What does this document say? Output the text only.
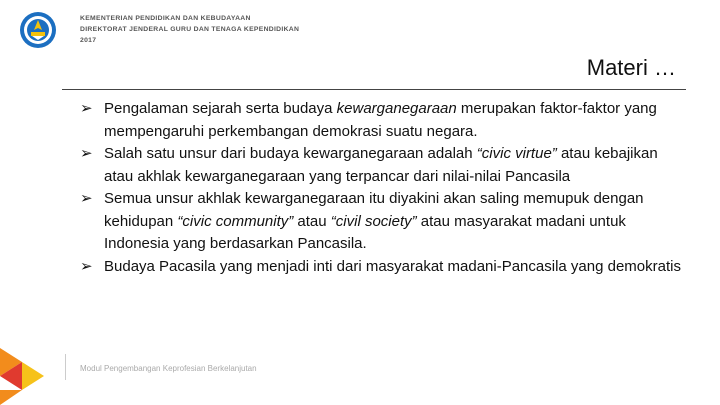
KEMENTERIAN PENDIDIKAN DAN KEBUDAYAAN
DIREKTORAT JENDERAL GURU DAN TENAGA KEPENDIDIKAN
2017
Materi …
➢ Pengalaman sejarah serta budaya kewarganegaraan merupakan faktor-faktor yang mempengaruhi perkembangan demokrasi suatu negara.
➢ Salah satu unsur dari budaya kewarganegaraan adalah “civic virtue” atau kebajikan atau akhlak kewarganegaraan yang terpancar dari nilai-nilai Pancasila
➢ Semua unsur akhlak kewarganegaraan itu diyakini akan saling memupuk dengan kehidupan “civic community” atau “civil society” atau masyarakat madani untuk Indonesia yang berdasarkan Pancasila.
➢ Budaya Pacasila yang menjadi inti dari masyarakat madani-Pancasila yang demokratis
Modul Pengembangan Keprofesian Berkelanjutan
